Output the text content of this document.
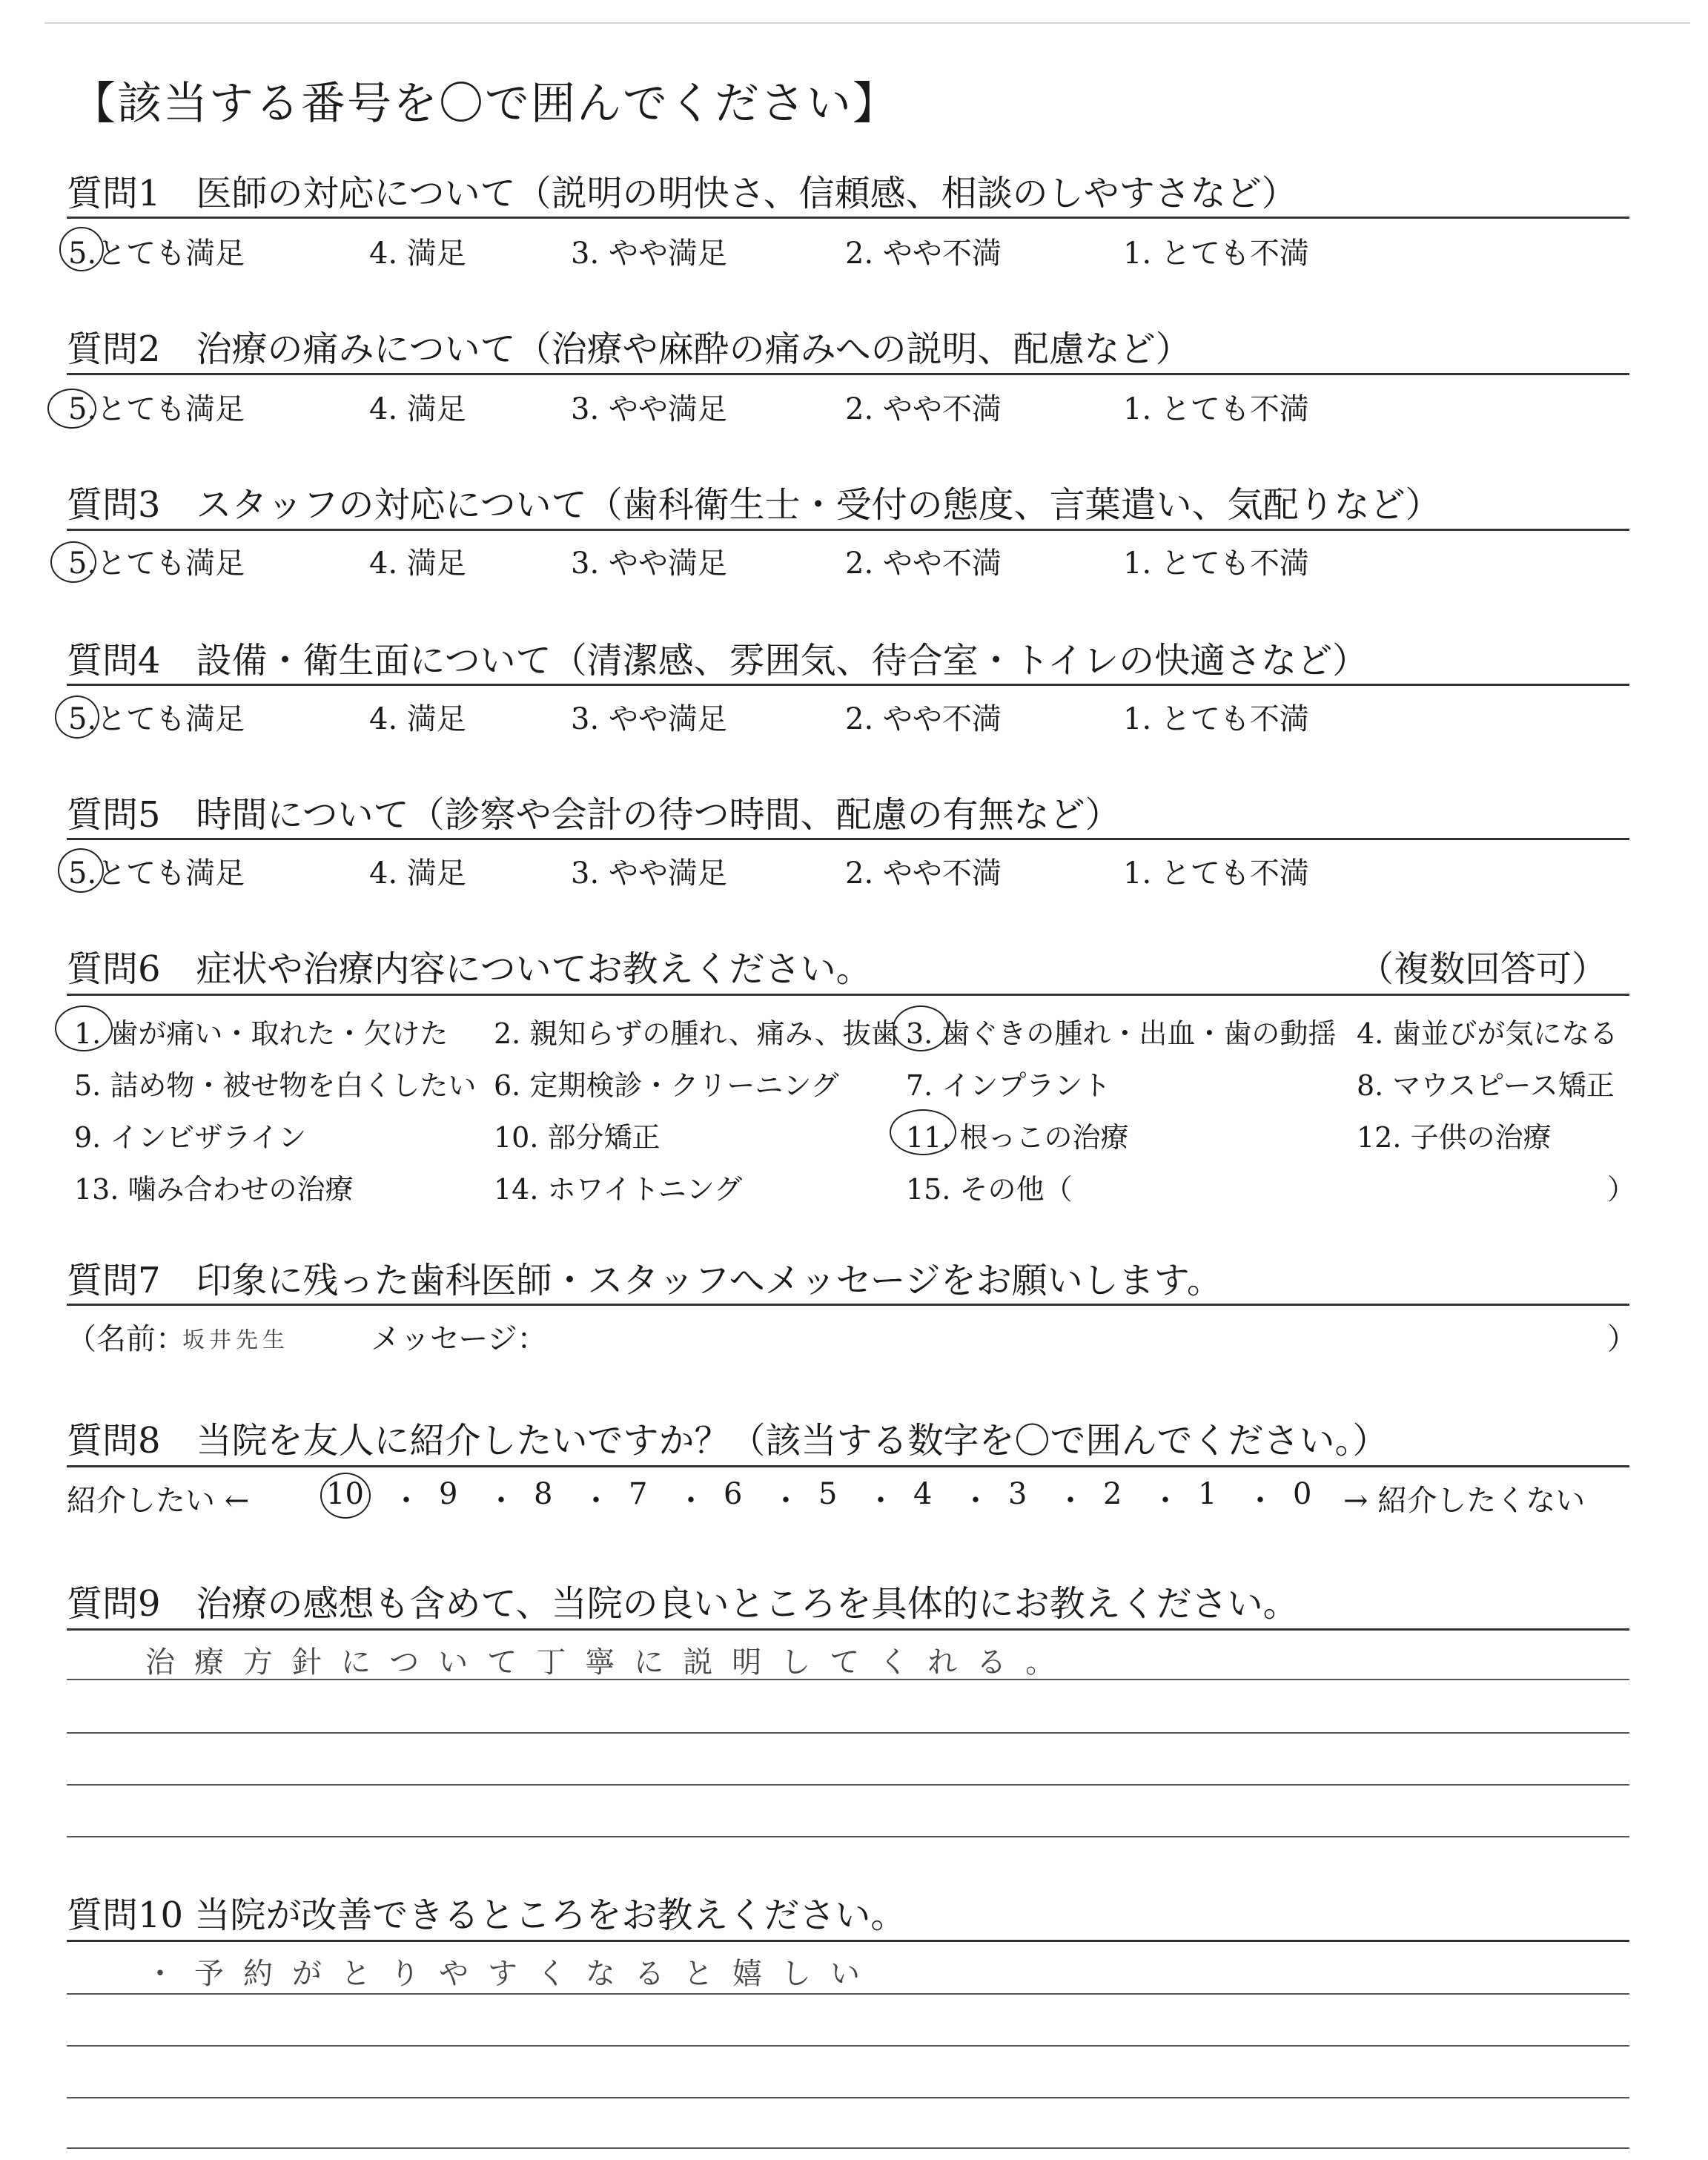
【該当する番号を〇で囲んでください】
質問1　医師の対応について（説明の明快さ、信頼感、相談のしやすさなど）
5.とても満足	4. 満足	3. やや満足	2. やや不満	1. とても不満
質問2　治療の痛みについて（治療や麻酔の痛みへの説明、配慮など）
5.とても満足	4. 満足	3. やや満足	2. やや不満	1. とても不満
質問3　スタッフの対応について（歯科衛生士・受付の態度、言葉遣い、気配りなど）
5.とても満足	4. 満足	3. やや満足	2. やや不満	1. とても不満
質問4　設備・衛生面について（清潔感、雰囲気、待合室・トイレの快適さなど）
5.とても満足	4. 満足	3. やや満足	2. やや不満	1. とても不満
質問5　時間について（診察や会計の待つ時間、配慮の有無など）
5.とても満足	4. 満足	3. やや満足	2. やや不満	1. とても不満
質問6　症状や治療内容についてお教えください。	（複数回答可）
1. 歯が痛い・取れた・欠けた 2. 親知らずの腫れ、痛み、抜歯 3. 歯ぐきの腫れ・出血・歯の動揺 4. 歯並びが気になる
5. 詰め物・被せ物を白くしたい 6. 定期検診・クリーニング 7. インプラント	8. マウスピース矯正
9. インビザライン	10. 部分矯正	11. 根っこの治療	12. 子供の治療
13. 噛み合わせの治療	14. ホワイトニング	15. その他（	）
質問7　印象に残った歯科医師・スタッフへメッセージをお願いします。
（名前：
坂井先生	メッセージ：	）
質問8　当院を友人に紹介したいですか？（該当する数字を〇で囲んでください。）
紹介したい ←	10 ・ 9 ・ 8 ・ 7 ・ 6 ・ 5 ・ 4 ・ 3 ・ 2 ・ 1 ・ 0 → 紹介したくない
質問9　治療の感想も含めて、当院の良いところを具体的にお教えください。
治療方針について丁寧に説明してくれる。
質問10 当院が改善できるところをお教えください。
・予約がとりやすくなると嬉しい
